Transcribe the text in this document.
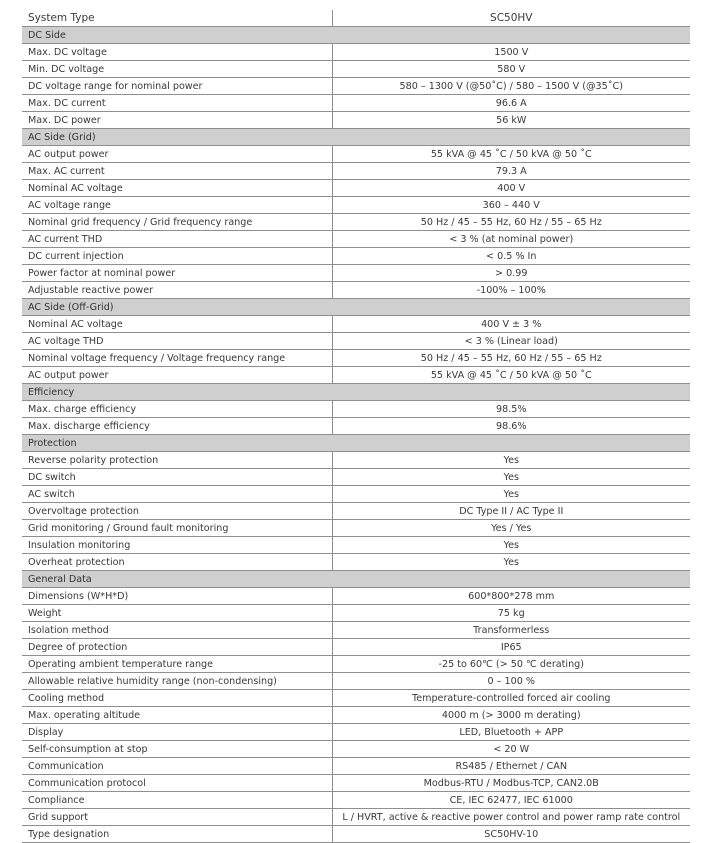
System Type	SC50HV
DC Side	
Max. DC voltage	1500 V
Min. DC voltage	580 V
DC voltage range for nominal power	580 – 1300 V (@50˚C) / 580 – 1500 V (@35˚C)
Max. DC current	96.6 A
Max. DC power	56 kW
AC Side (Grid)	
AC output power	55 kVA @ 45 ˚C / 50 kVA @ 50 ˚C
Max. AC current	79.3 A
Nominal AC voltage	400 V
AC voltage range	360 – 440 V
Nominal grid frequency / Grid frequency range	50 Hz / 45 – 55 Hz, 60 Hz / 55 – 65 Hz
AC current THD	< 3 % (at nominal power)
DC current injection	< 0.5 % In
Power factor at nominal power	> 0.99
Adjustable reactive power	-100% – 100%
AC Side (Off-Grid)	
Nominal AC voltage	400 V ± 3 %
AC voltage THD	< 3 % (Linear load)
Nominal voltage frequency / Voltage frequency range	50 Hz / 45 – 55 Hz, 60 Hz / 55 – 65 Hz
AC output power	55 kVA @ 45 ˚C / 50 kVA @ 50 ˚C
Efficiency	
Max. charge efficiency	98.5%
Max. discharge efficiency	98.6%
Protection	
Reverse polarity protection	Yes
DC switch	Yes
AC switch	Yes
Overvoltage protection	DC Type II / AC Type II
Grid monitoring / Ground fault monitoring	Yes / Yes
Insulation monitoring	Yes
Overheat protection	Yes
General Data	
Dimensions (W*H*D)	600*800*278 mm
Weight	75 kg
Isolation method	Transformerless
Degree of protection	IP65
Operating ambient temperature range	-25 to 60℃ (> 50 ℃ derating)
Allowable relative humidity range (non-condensing)	0 – 100 %
Cooling method	Temperature-controlled forced air cooling
Max. operating altitude	4000 m (> 3000 m derating)
Display	LED, Bluetooth + APP
Self-consumption at stop	< 20 W
Communication	RS485 / Ethernet / CAN
Communication protocol	Modbus-RTU / Modbus-TCP, CAN2.0B
Compliance	CE, IEC 62477, IEC 61000
Grid support	L / HVRT, active & reactive power control and power ramp rate control
Type designation	SC50HV-10
